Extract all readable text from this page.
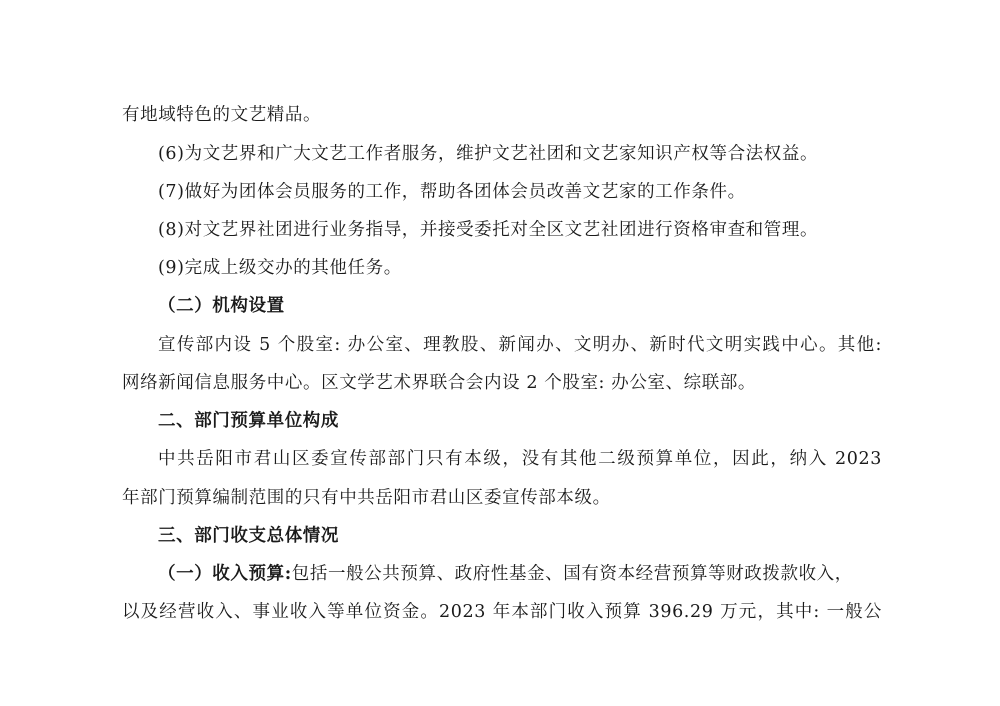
有地域特色的文艺精品。
(6)为文艺界和广大文艺工作者服务，维护文艺社团和文艺家知识产权等合法权益。
(7)做好为团体会员服务的工作，帮助各团体会员改善文艺家的工作条件。
(8)对文艺界社团进行业务指导，并接受委托对全区文艺社团进行资格审查和管理。
(9)完成上级交办的其他任务。
（二）机构设置
宣传部内设 5 个股室: 办公室、理教股、新闻办、文明办、新时代文明实践中心。其他:
网络新闻信息服务中心。区文学艺术界联合会内设 2 个股室: 办公室、综联部。
二、部门预算单位构成
中共岳阳市君山区委宣传部部门只有本级，没有其他二级预算单位，因此，纳入 2023
年部门预算编制范围的只有中共岳阳市君山区委宣传部本级。
三、部门收支总体情况
（一）收入预算:包括一般公共预算、政府性基金、国有资本经营预算等财政拨款收入，
以及经营收入、事业收入等单位资金。2023 年本部门收入预算 396.29 万元，其中: 一般公
